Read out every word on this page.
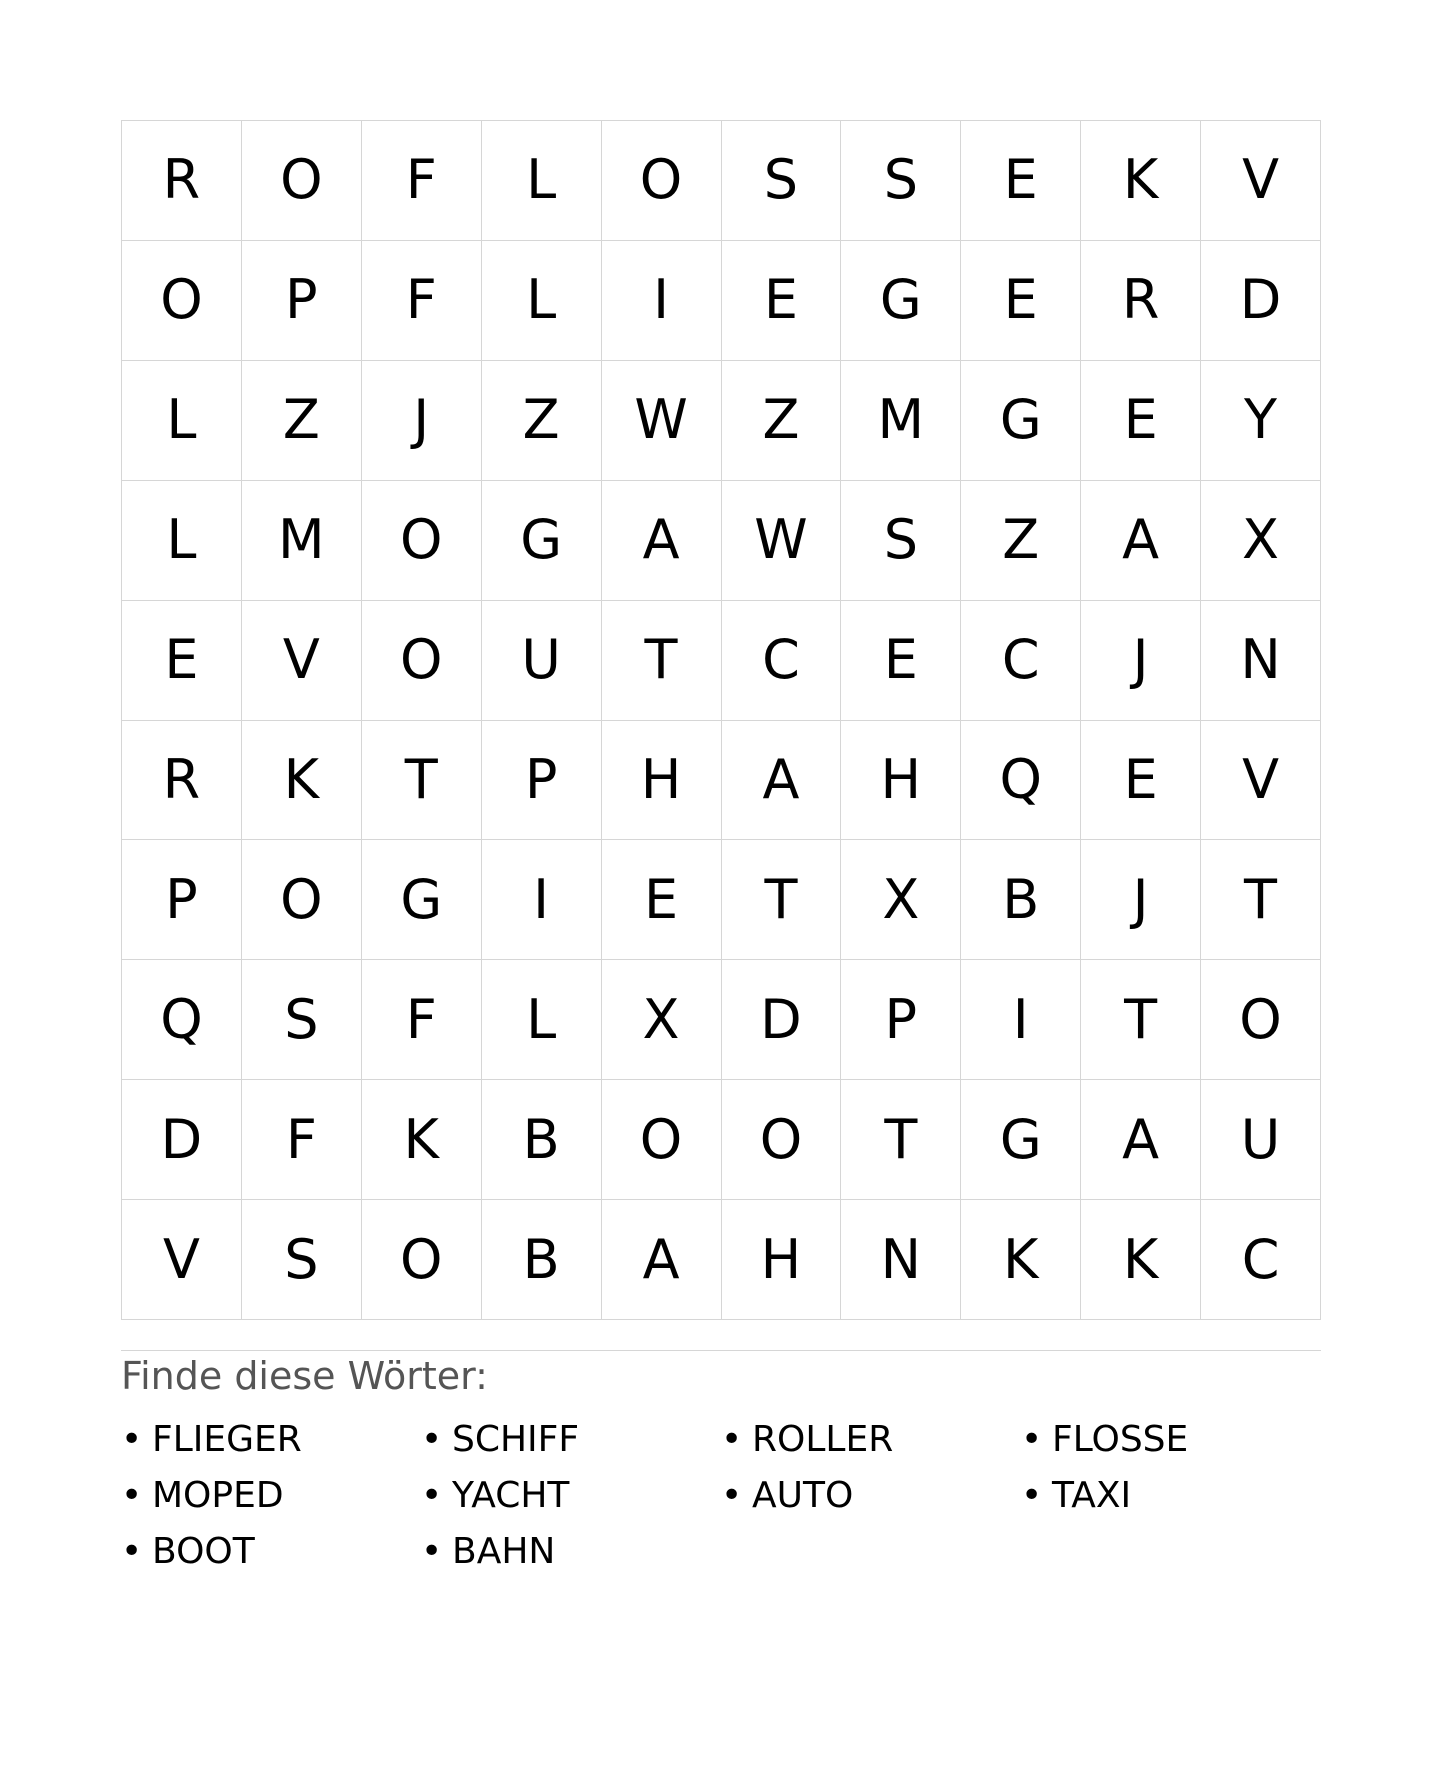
R	O	F	L	O	S	S	E	K	V
O	P	F	L	I	E	G	E	R	D
L	Z	J	Z	W	Z	M	G	E	Y
L	M	O	G	A	W	S	Z	A	X
E	V	O	U	T	C	E	C	J	N
R	K	T	P	H	A	H	Q	E	V
P	O	G	I	E	T	X	B	J	T
Q	S	F	L	X	D	P	I	T	O
D	F	K	B	O	O	T	G	A	U
V	S	O	B	A	H	N	K	K	C
Finde diese Wörter:
• FLIEGER	• SCHIFF	• ROLLER	• FLOSSE
• MOPED	• YACHT	• AUTO	• TAXI
• BOOT	• BAHN
